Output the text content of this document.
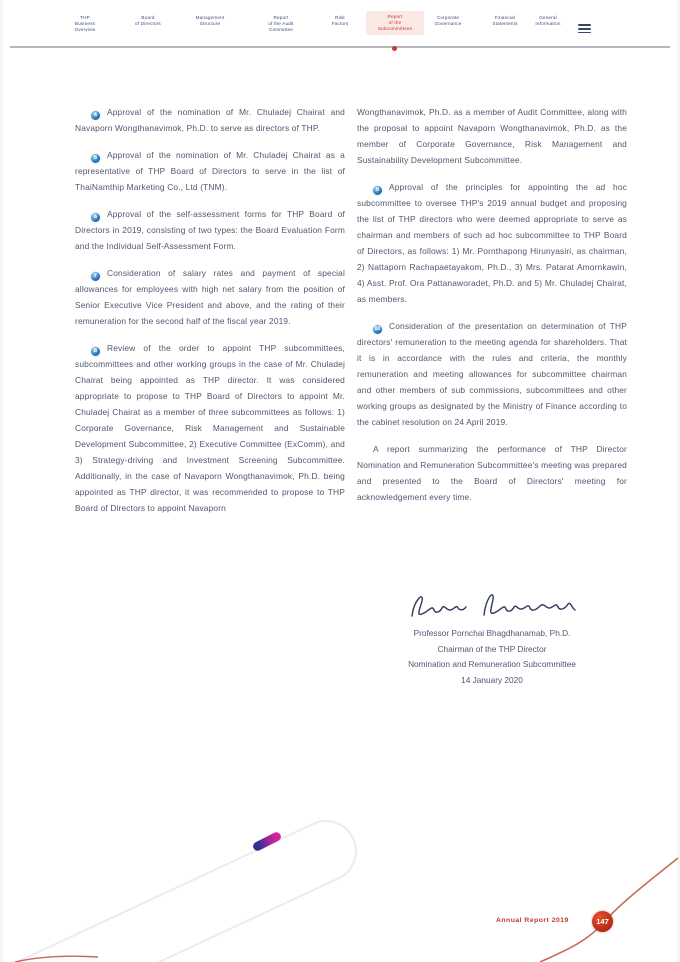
THP
Business
Overview
Board
of Directors
Management
Structure
Report
of the Audit
Committee
Risk
Factors
Report
of the
Subcommittees
Corporate
Governance
Financial
Statements
General
Information

4 Approval of the nomination of Mr. Chuladej Chairat and Navaporn Wongthanavimok, Ph.D. to serve as directors of THP.

5 Approval of the nomination of Mr. Chuladej Chairat as a representative of THP Board of Directors to serve in the list of ThaiNamthip Marketing Co., Ltd (TNM).

6 Approval of the self-assessment forms for THP Board of Directors in 2019, consisting of two types: the Board Evaluation Form and the Individual Self-Assessment Form.

7 Consideration of salary rates and payment of special allowances for employees with high net salary from the position of Senior Executive Vice President and above, and the rating of their remuneration for the second half of the fiscal year 2019.

8 Review of the order to appoint THP subcommittees, subcommittees and other working groups in the case of Mr. Chuladej Chairat being appointed as THP director. It was considered appropriate to propose to THP Board of Directors to appoint Mr. Chuladej Chairat as a member of three subcommittees as follows: 1) Corporate Governance, Risk Management and Sustainable Development Subcommittee, 2) Executive Committee (ExComm), and 3) Strategy-driving and Investment Screening Subcommittee. Additionally, in the case of Navaporn Wongthanavimok, Ph.D. being appointed as THP director, it was recommended to propose to THP Board of Directors to appoint Navaporn

Wongthanavimok, Ph.D. as a member of Audit Committee, along with the proposal to appoint Navaporn Wongthanavimok, Ph.D. as the member of Corporate Governance, Risk Management and Sustainability Development Subcommittee.

9 Approval of the principles for appointing the ad hoc subcommittee to oversee THP's 2019 annual budget and proposing the list of THP directors who were deemed appropriate to serve as chairman and members of such ad hoc subcommittee to THP Board of Directors, as follows: 1) Mr. Pornthapong Hirunyasiri, as chairman, 2) Nattaporn Rachapaetayakom, Ph.D., 3) Mrs. Patarat Amornkawin, 4) Asst. Prof. Ora Pattanaworadet, Ph.D. and 5) Mr. Chuladej Chairat, as members.

10 Consideration of the presentation on determination of THP directors' remuneration to the meeting agenda for shareholders. That it is in accordance with the rules and criteria, the monthly remuneration and meeting allowances for subcommittee chairman and other members of sub commissions, subcommittees and other working groups as designated by the Ministry of Finance according to the cabinet resolution on 24 April 2019.

A report summarizing the performance of THP Director Nomination and Remuneration Subcommittee's meeting was prepared and presented to the Board of Directors' meeting for acknowledgement every time.

Professor Pornchai Bhagdhanamab, Ph.D.
Chairman of the THP Director
Nomination and Remuneration Subcommittee
14 January 2020
Annual Report 2019	147
